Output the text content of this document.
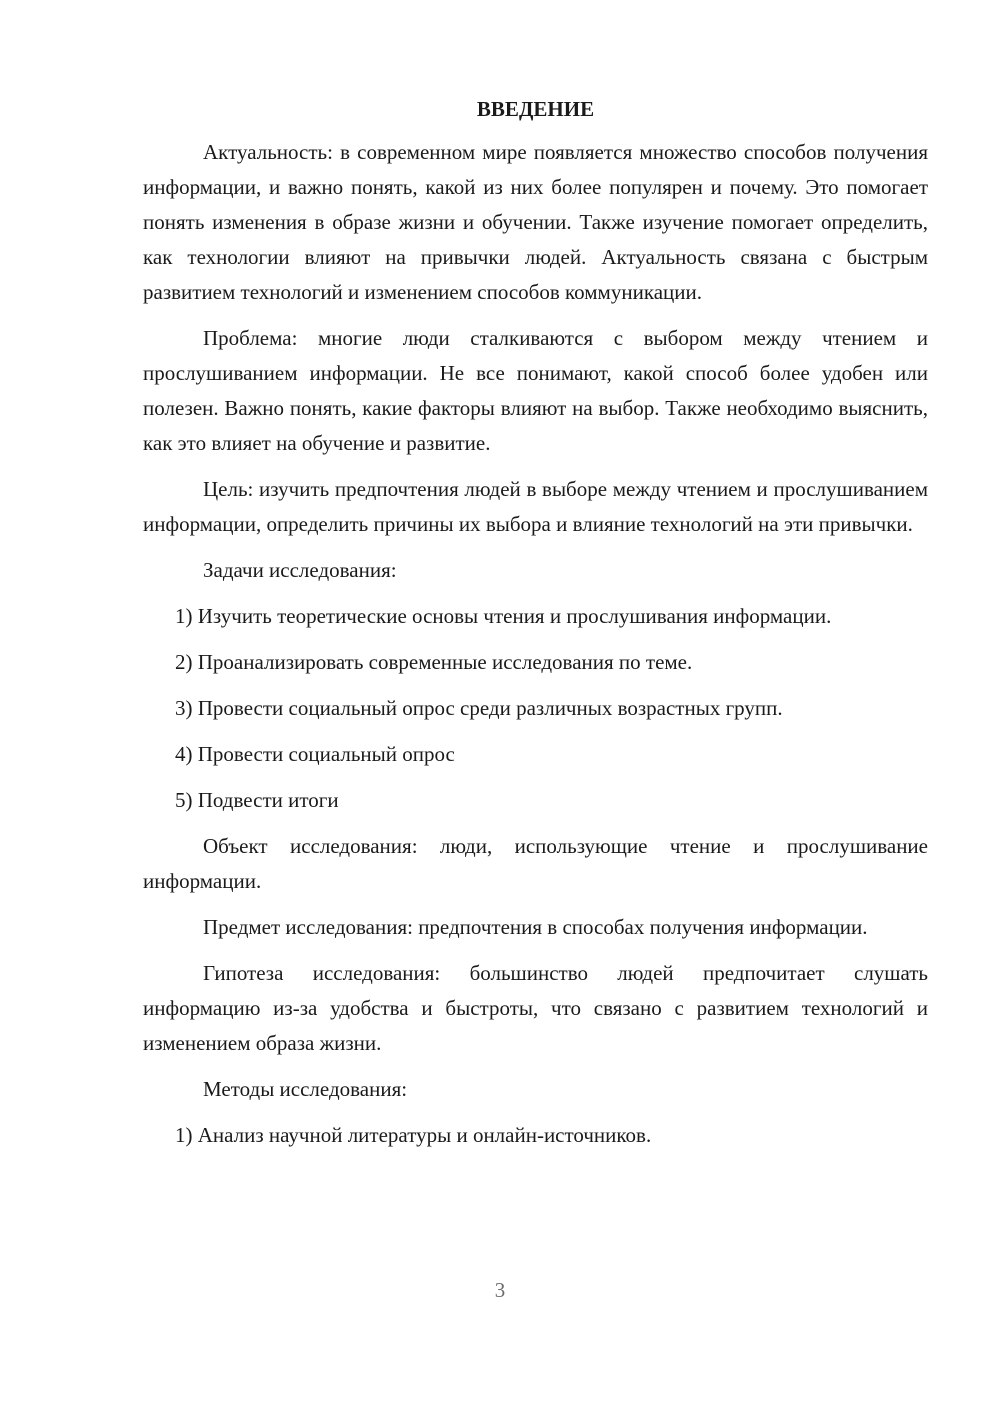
ВВЕДЕНИЕ

Актуальность: в современном мире появляется множество способов получения информации, и важно понять, какой из них более популярен и почему. Это помогает понять изменения в образе жизни и обучении. Также изучение помогает определить, как технологии влияют на привычки людей. Актуальность связана с быстрым развитием технологий и изменением способов коммуникации.

Проблема: многие люди сталкиваются с выбором между чтением и прослушиванием информации. Не все понимают, какой способ более удобен или полезен. Важно понять, какие факторы влияют на выбор. Также необходимо выяснить, как это влияет на обучение и развитие.

Цель: изучить предпочтения людей в выборе между чтением и прослушиванием информации, определить причины их выбора и влияние технологий на эти привычки.

Задачи исследования:

1) Изучить теоретические основы чтения и прослушивания информации.

2) Проанализировать современные исследования по теме.

3) Провести социальный опрос среди различных возрастных групп.

4) Провести социальный опрос

5) Подвести итоги

Объект исследования: люди, использующие чтение и прослушивание информации.

Предмет исследования: предпочтения в способах получения информации.

Гипотеза исследования: большинство людей предпочитает слушать информацию из-за удобства и быстроты, что связано с развитием технологий и изменением образа жизни.

Методы исследования:

1) Анализ научной литературы и онлайн-источников.

3
